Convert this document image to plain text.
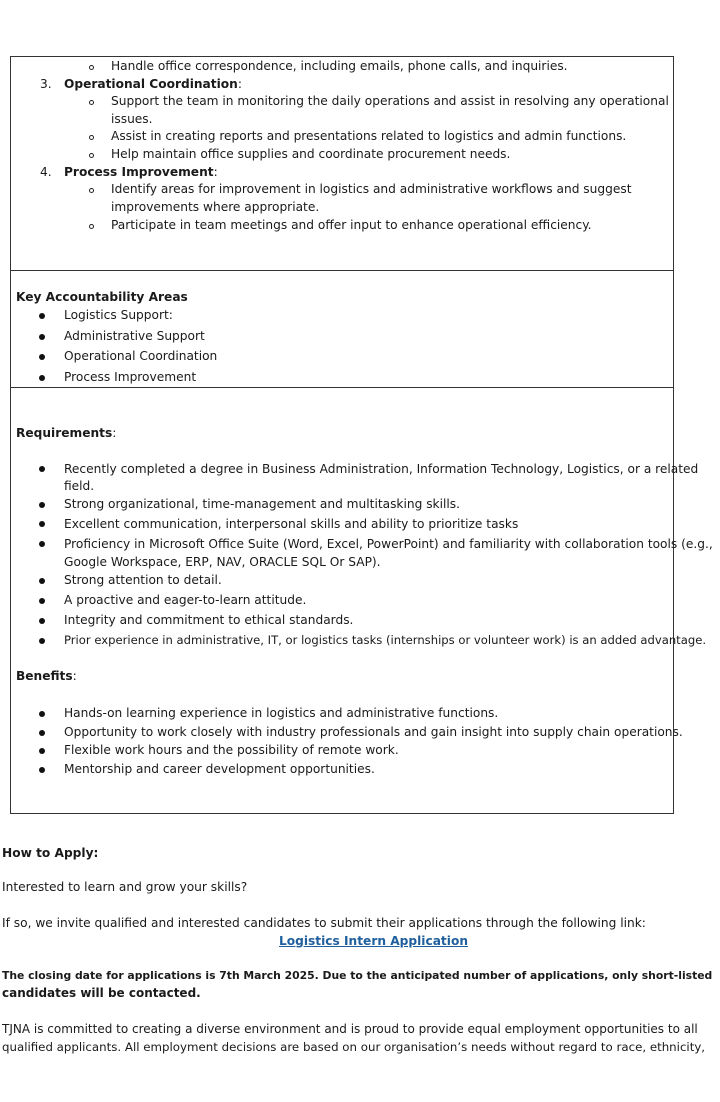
Handle office correspondence, including emails, phone calls, and inquiries.
3. Operational Coordination:
Support the team in monitoring the daily operations and assist in resolving any operational
issues.
Assist in creating reports and presentations related to logistics and admin functions.
Help maintain office supplies and coordinate procurement needs.
4. Process Improvement:
Identify areas for improvement in logistics and administrative workflows and suggest
improvements where appropriate.
Participate in team meetings and offer input to enhance operational efficiency.
Key Accountability Areas
Logistics Support:
Administrative Support
Operational Coordination
Process Improvement
Requirements:
Recently completed a degree in Business Administration, Information Technology, Logistics, or a related
field.
Strong organizational, time-management and multitasking skills.
Excellent communication, interpersonal skills and ability to prioritize tasks
Proficiency in Microsoft Office Suite (Word, Excel, PowerPoint) and familiarity with collaboration tools (e.g.,
Google Workspace, ERP, NAV, ORACLE SQL Or SAP).
Strong attention to detail.
A proactive and eager-to-learn attitude.
Integrity and commitment to ethical standards.
Prior experience in administrative, IT, or logistics tasks (internships or volunteer work) is an added advantage.
Benefits:
Hands-on learning experience in logistics and administrative functions.
Opportunity to work closely with industry professionals and gain insight into supply chain operations.
Flexible work hours and the possibility of remote work.
Mentorship and career development opportunities.
How to Apply:
Interested to learn and grow your skills?
If so, we invite qualified and interested candidates to submit their applications through the following link:
Logistics Intern Application
The closing date for applications is 7th March 2025. Due to the anticipated number of applications, only short-listed
candidates will be contacted.
TJNA is committed to creating a diverse environment and is proud to provide equal employment opportunities to all
qualified applicants. All employment decisions are based on our organisation’s needs without regard to race, ethnicity,
